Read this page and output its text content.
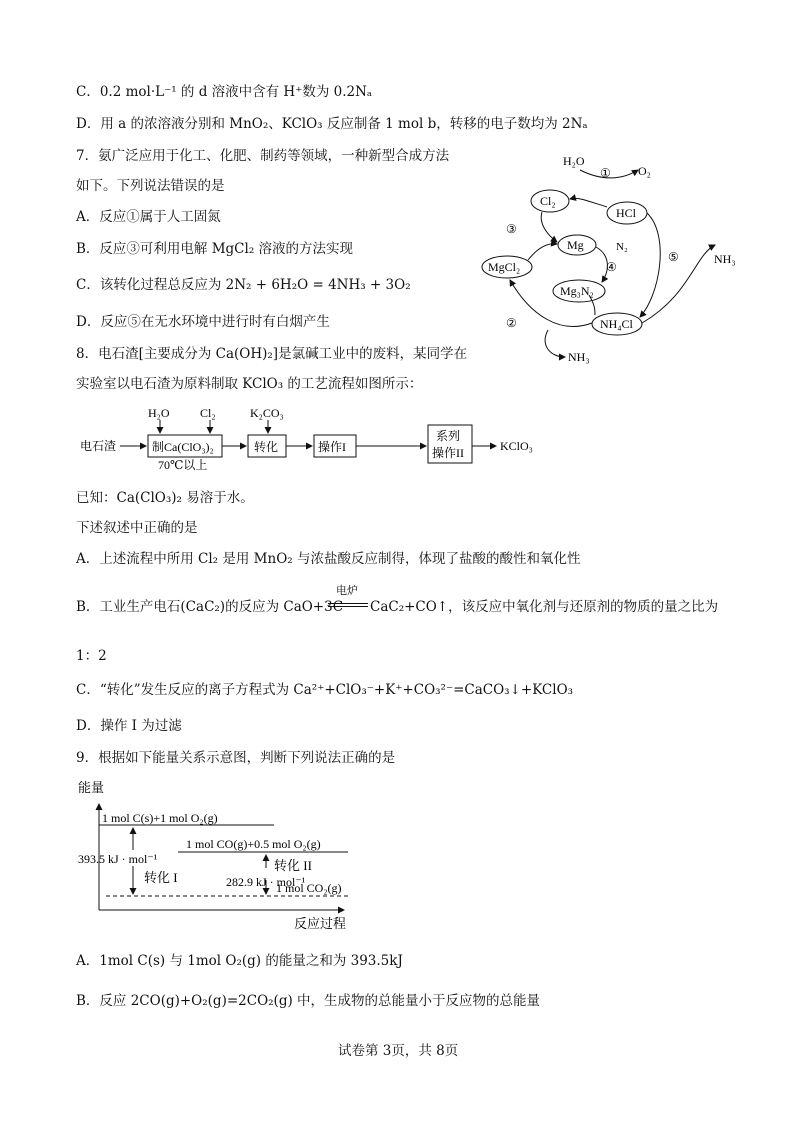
C．0.2 mol·L⁻¹ 的 d 溶液中含有 H⁺数为 0.2Nₐ
D．用 a 的浓溶液分别和 MnO₂、KClO₃ 反应制备 1 mol b，转移的电子数均为 2Nₐ
7．氨广泛应用于化工、化肥、制药等领域，一种新型合成方法
如下。下列说法错误的是
A．反应①属于人工固氮
B．反应③可利用电解 MgCl₂ 溶液的方法实现
C．该转化过程总反应为 2N₂ + 6H₂O = 4NH₃ + 3O₂
D．反应⑤在无水环境中进行时有白烟产生
H₂O
O₂
①
Cl₂
HCl
③
Mg	N₂
④
⑤	NH₃
MgCl₂
Mg₃N₂
NH₄Cl
②
NH₃
8．电石渣[主要成分为 Ca(OH)₂]是氯碱工业中的废料，某同学在
实验室以电石渣为原料制取 KClO₃ 的工艺流程如图所示：
电石渣	制Ca(ClO₃)₂
H₂O	Cl₂
70℃以上
转化
K₂CO₃
操作I
系列
操作II	KClO₃
已知：Ca(ClO₃)₂ 易溶于水。
下述叙述中正确的是
A．上述流程中所用 Cl₂ 是用 MnO₂ 与浓盐酸反应制得，体现了盐酸的酸性和氧化性
B．工业生产电石(CaC₂)的反应为 CaO+3C
电炉
CaC₂+CO↑，该反应中氧化剂与还原剂的物质的量之比为
1：2
C．“转化”发生反应的离子方程式为 Ca²⁺+ClO₃⁻+K⁺+CO₃²⁻=CaCO₃↓+KClO₃
D．操作 I 为过滤
9．根据如下能量关系示意图，判断下列说法正确的是
能量
反应过程
1 mol C(s)+1 mol O₂(g)
1 mol CO(g)+0.5 mol O₂(g)
1 mol CO₂(g)
393.5 kJ · mol⁻¹
转化 I
转化 II
282.9 kJ · mol⁻¹
A．1mol C(s) 与 1mol O₂(g) 的能量之和为 393.5kJ
B．反应 2CO(g)+O₂(g)=2CO₂(g) 中，生成物的总能量小于反应物的总能量
试卷第 3页，共 8页
